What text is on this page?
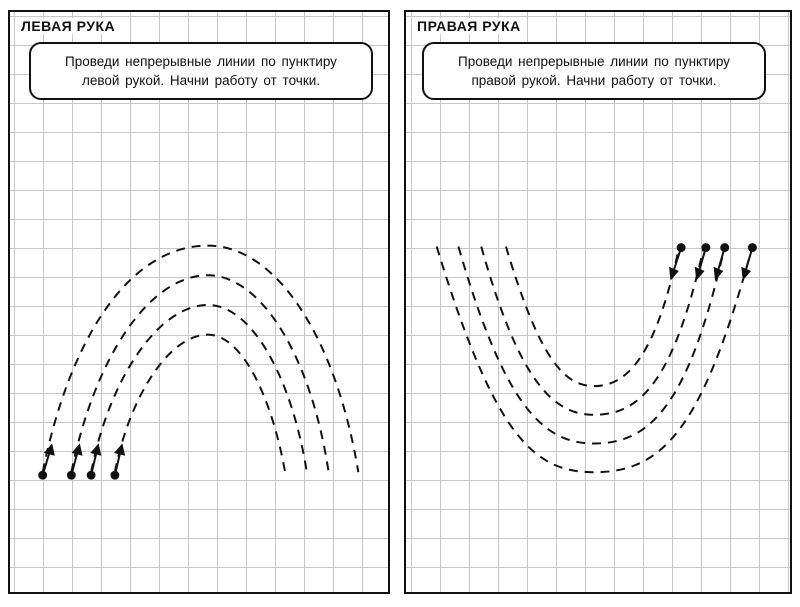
ЛЕВАЯ РУКА
Проведи непрерывные линии по пунктиру
левой рукой. Начни работу от точки.
ПРАВАЯ РУКА
Проведи непрерывные линии по пунктиру
правой рукой. Начни работу от точки.
